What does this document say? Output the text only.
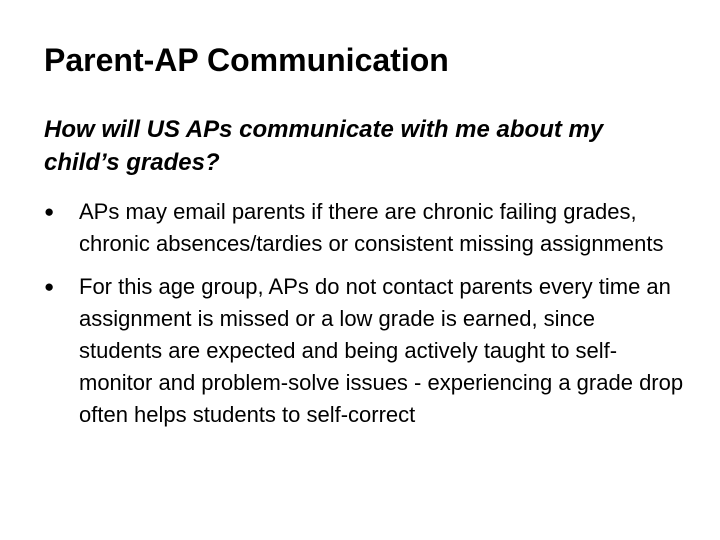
Parent-AP Communication
How will US APs communicate with me about my child’s grades?
●	APs may email parents if there are chronic failing grades, chronic absences/tardies or consistent missing assignments
●	For this age group, APs do not contact parents every time an assignment is missed or a low grade is earned, since students are expected and being actively taught to self-monitor and problem-solve issues - experiencing a grade drop often helps students to self-correct
